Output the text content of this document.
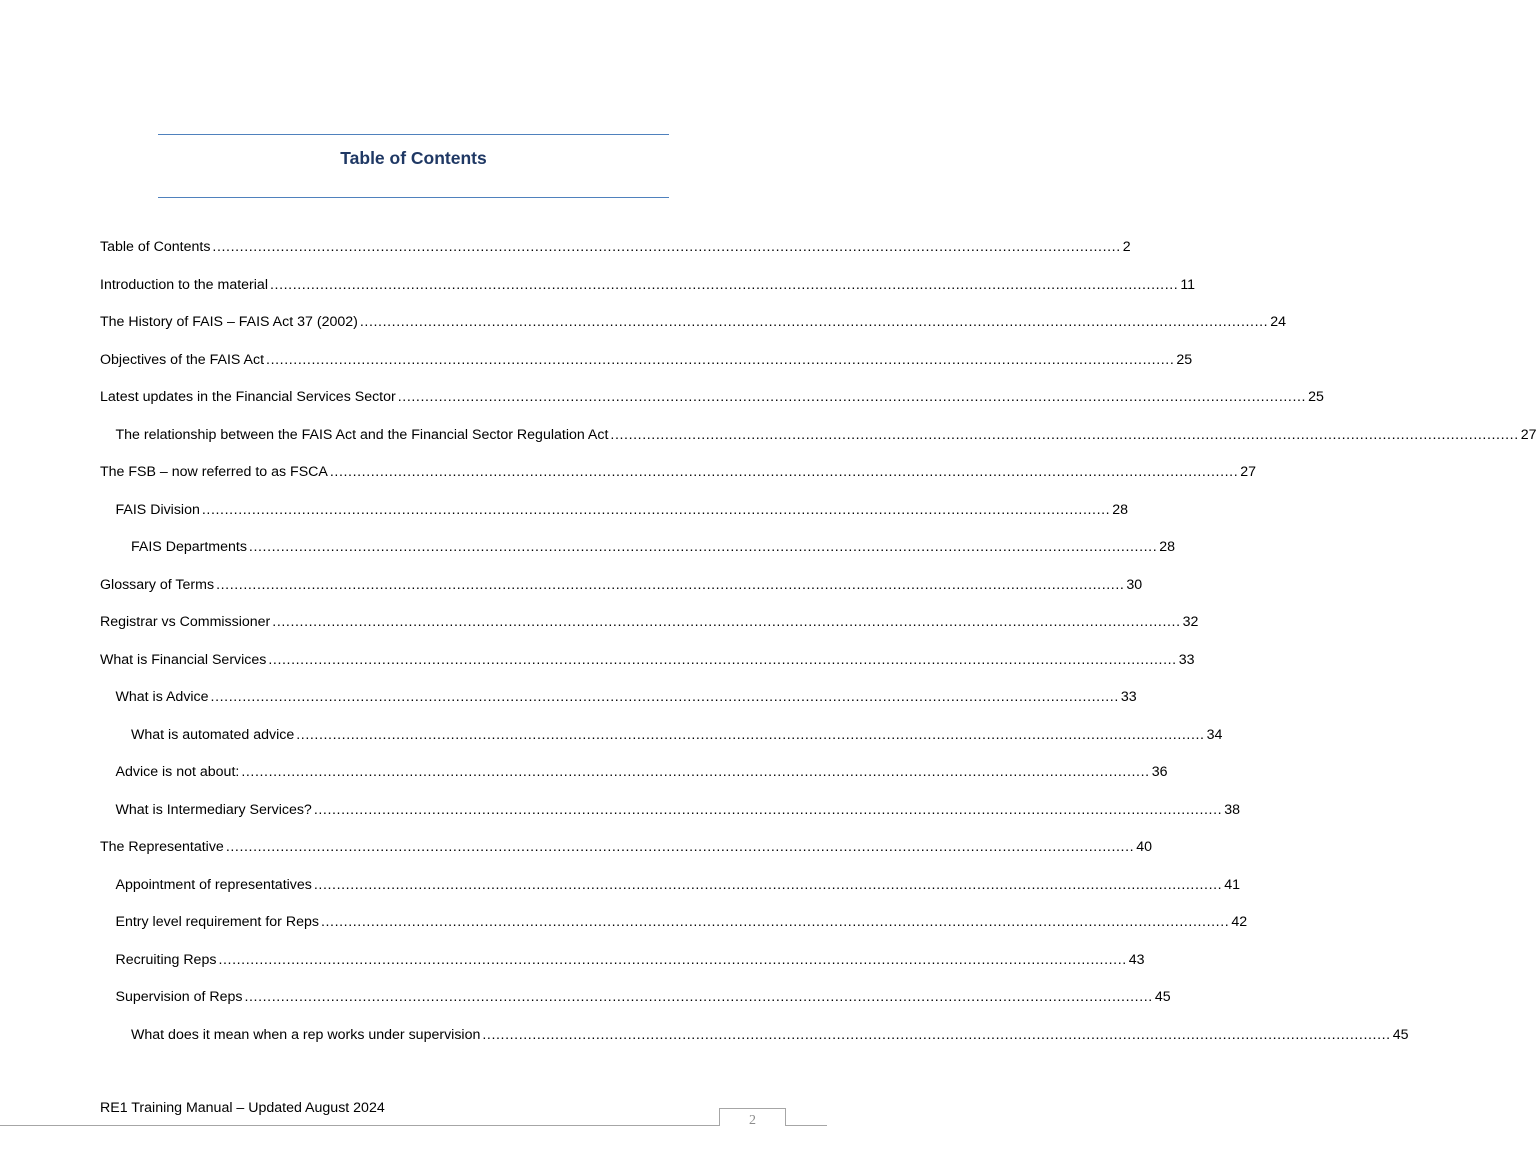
Table of Contents
Table of Contents ........................................................................................................................................................................................................ 2
Introduction to the material ........................................................................................................................................................................................................ 11
The History of FAIS – FAIS Act 37 (2002) ........................................................................................................................................................................................................ 24
Objectives of the FAIS Act ........................................................................................................................................................................................................ 25
Latest updates in the Financial Services Sector ........................................................................................................................................................................................................ 25
The relationship between the FAIS Act and the Financial Sector Regulation Act ........................................................................................................................................................................................................ 27
The FSB – now referred to as FSCA ........................................................................................................................................................................................................ 27
FAIS Division ........................................................................................................................................................................................................ 28
FAIS Departments ........................................................................................................................................................................................................ 28
Glossary of Terms ........................................................................................................................................................................................................ 30
Registrar vs Commissioner ........................................................................................................................................................................................................ 32
What is Financial Services ........................................................................................................................................................................................................ 33
What is Advice ........................................................................................................................................................................................................ 33
What is automated advice ........................................................................................................................................................................................................ 34
Advice is not about: ........................................................................................................................................................................................................ 36
What is Intermediary Services? ........................................................................................................................................................................................................ 38
The Representative ........................................................................................................................................................................................................ 40
Appointment of representatives ........................................................................................................................................................................................................ 41
Entry level requirement for Reps ........................................................................................................................................................................................................ 42
Recruiting Reps ........................................................................................................................................................................................................ 43
Supervision of Reps ........................................................................................................................................................................................................ 45
What does it mean when a rep works under supervision ........................................................................................................................................................................................................ 45
RE1 Training Manual – Updated August 2024
2
